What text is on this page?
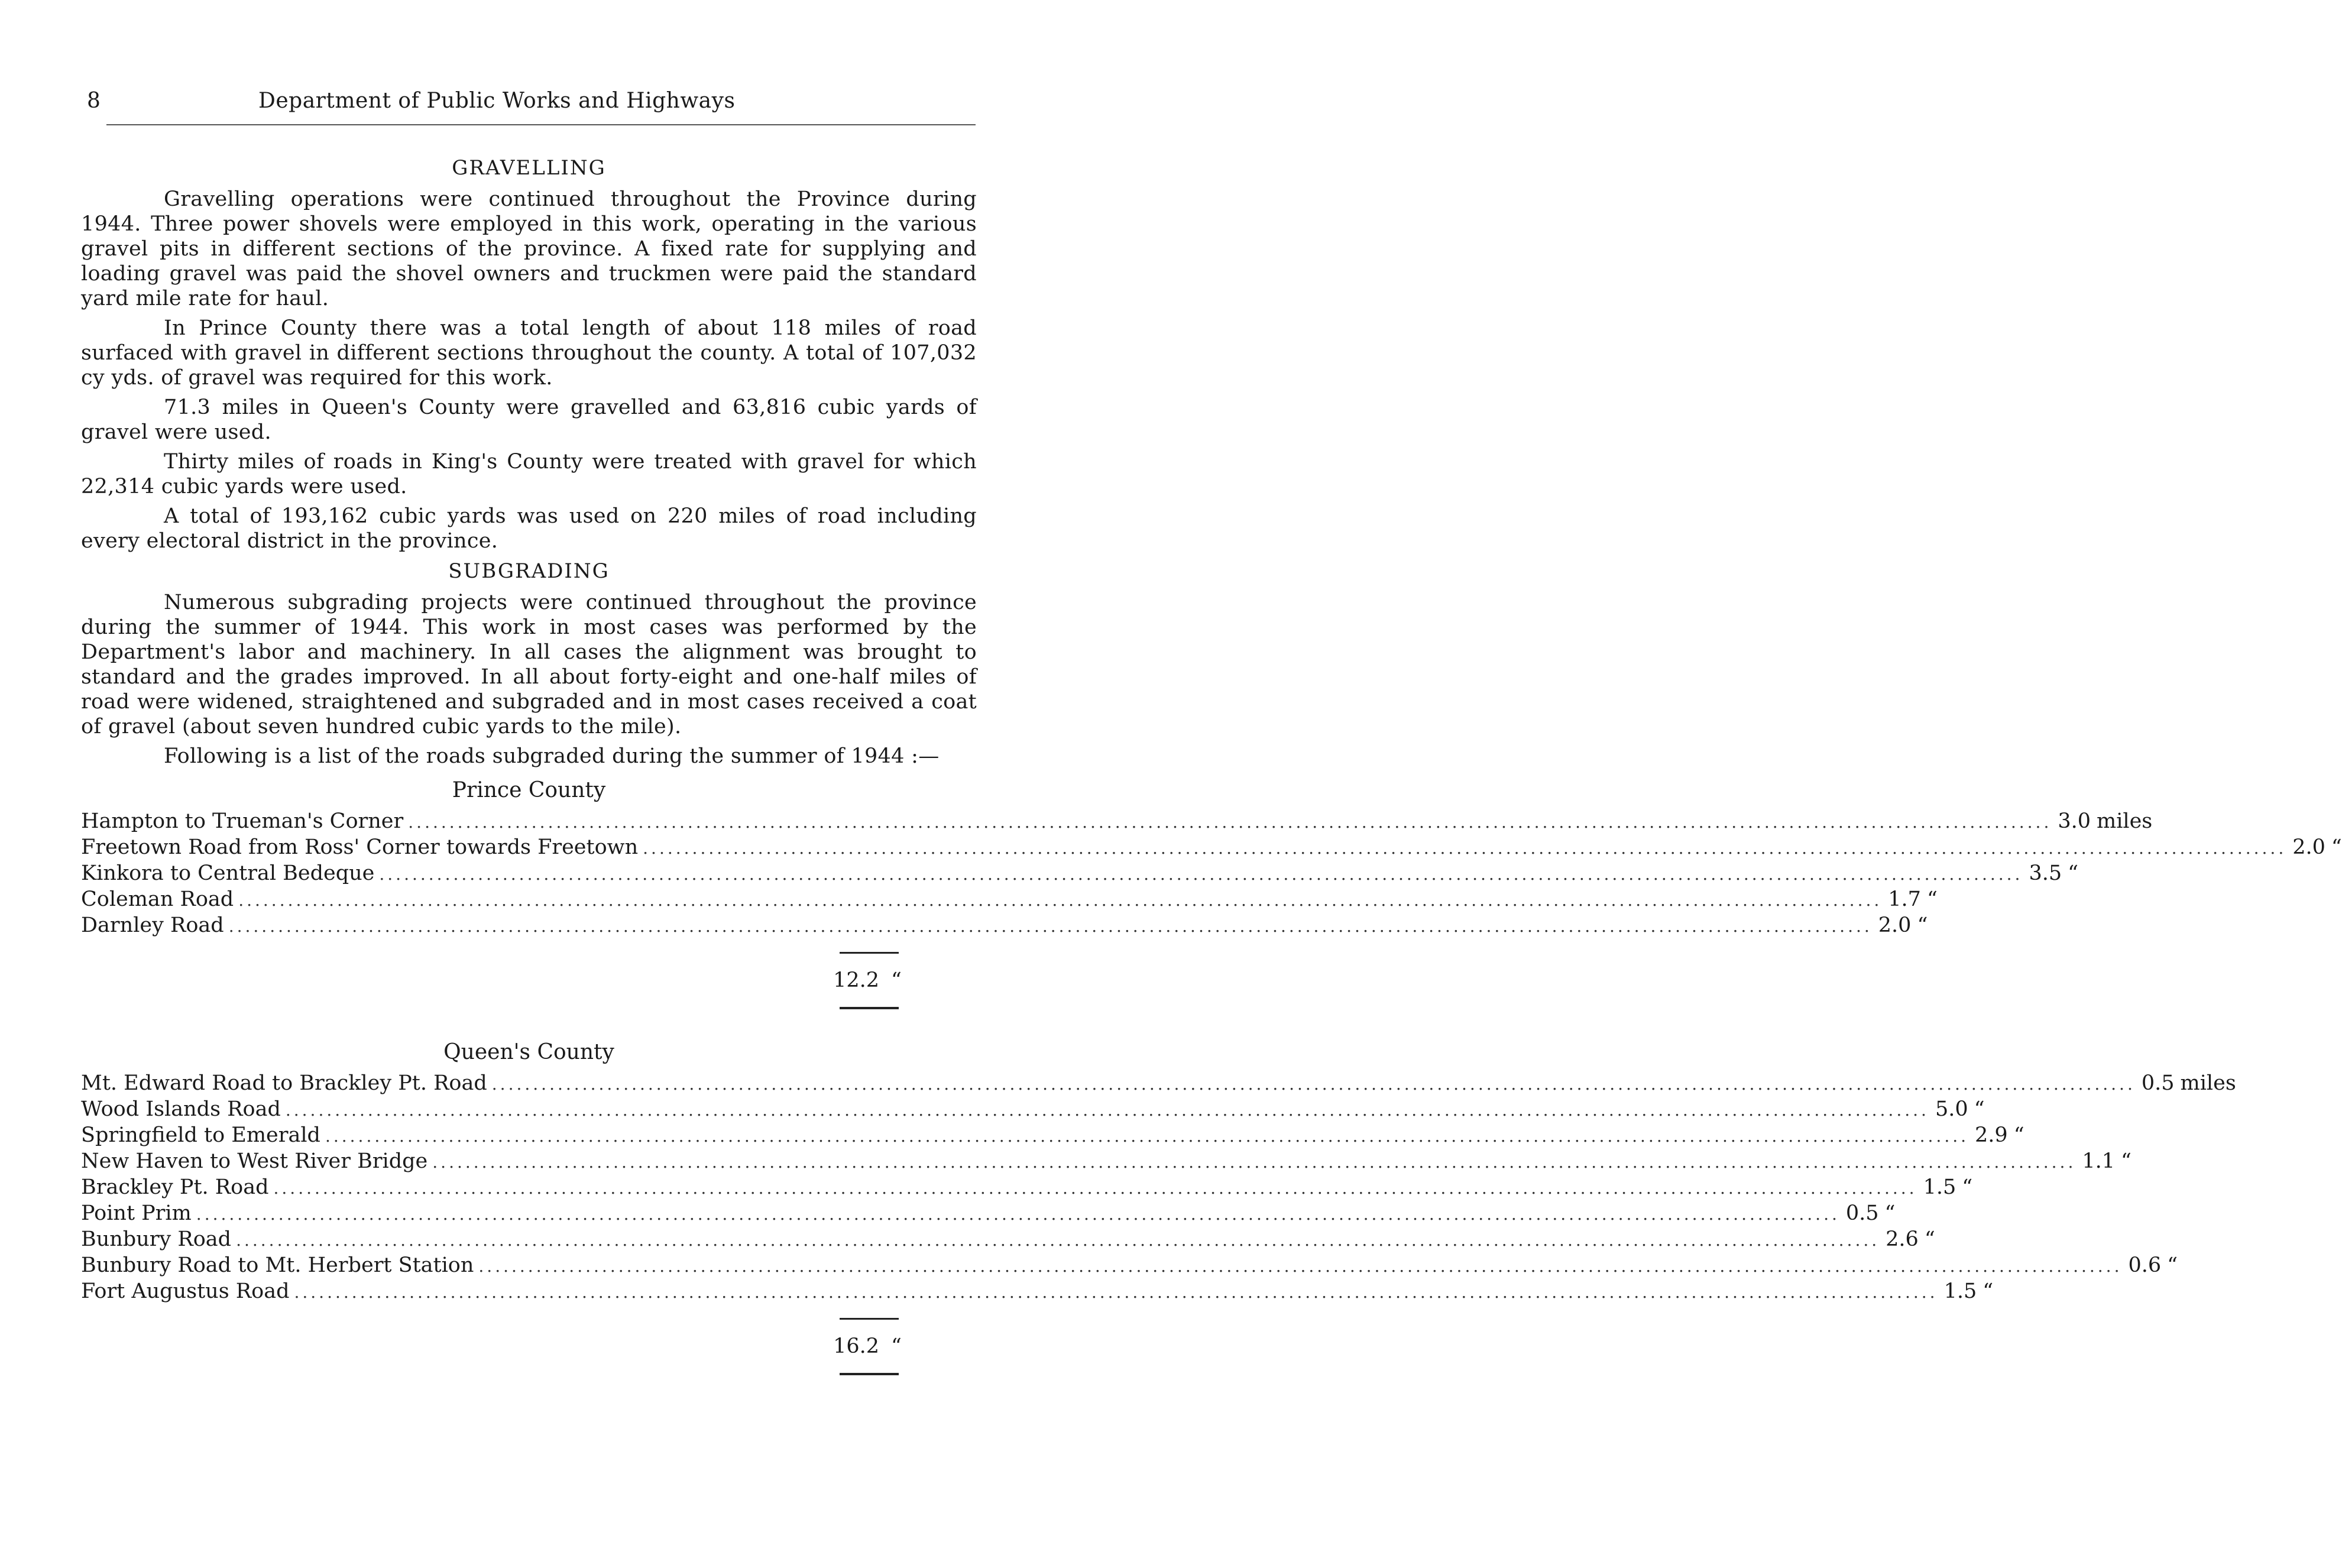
8	Department of Public Works and Highways
GRAVELLING

Gravelling operations were continued throughout the Province during 1944. Three power shovels were employed in this work, operating in the various gravel pits in different sections of the province. A fixed rate for supplying and loading gravel was paid the shovel owners and truckmen were paid the standard yard mile rate for haul.

In Prince County there was a total length of about 118 miles of road surfaced with gravel in different sections throughout the county. A total of 107,032 cy yds. of gravel was required for this work.

71.3 miles in Queen's County were gravelled and 63,816 cubic yards of gravel were used.

Thirty miles of roads in King's County were treated with gravel for which 22,314 cubic yards were used.

A total of 193,162 cubic yards was used on 220 miles of road including every electoral district in the province.

SUBGRADING

Numerous subgrading projects were continued throughout the province during the summer of 1944. This work in most cases was performed by the Department's labor and machinery. In all cases the alignment was brought to standard and the grades improved. In all about forty-eight and one-half miles of road were widened, straightened and subgraded and in most cases received a coat of gravel (about seven hundred cubic yards to the mile).

Following is a list of the roads subgraded during the summer of 1944 :—

Prince County
Hampton to Trueman's Corner ........................................................................................................................................................................................................ 3.0 miles
Freetown Road from Ross' Corner towards Freetown ........................................................................................................................................................................................................ 2.0 “
Kinkora to Central Bedeque ........................................................................................................................................................................................................ 3.5 “
Coleman Road ........................................................................................................................................................................................................ 1.7 “
Darnley Road ........................................................................................................................................................................................................ 2.0 “
12.2 “
Queen's County
Mt. Edward Road to Brackley Pt. Road ........................................................................................................................................................................................................ 0.5 miles
Wood Islands Road ........................................................................................................................................................................................................ 5.0 “
Springfield to Emerald ........................................................................................................................................................................................................ 2.9 “
New Haven to West River Bridge ........................................................................................................................................................................................................ 1.1 “
Brackley Pt. Road ........................................................................................................................................................................................................ 1.5 “
Point Prim ........................................................................................................................................................................................................ 0.5 “
Bunbury Road ........................................................................................................................................................................................................ 2.6 “
Bunbury Road to Mt. Herbert Station ........................................................................................................................................................................................................ 0.6 “
Fort Augustus Road ........................................................................................................................................................................................................ 1.5 “
16.2 “
